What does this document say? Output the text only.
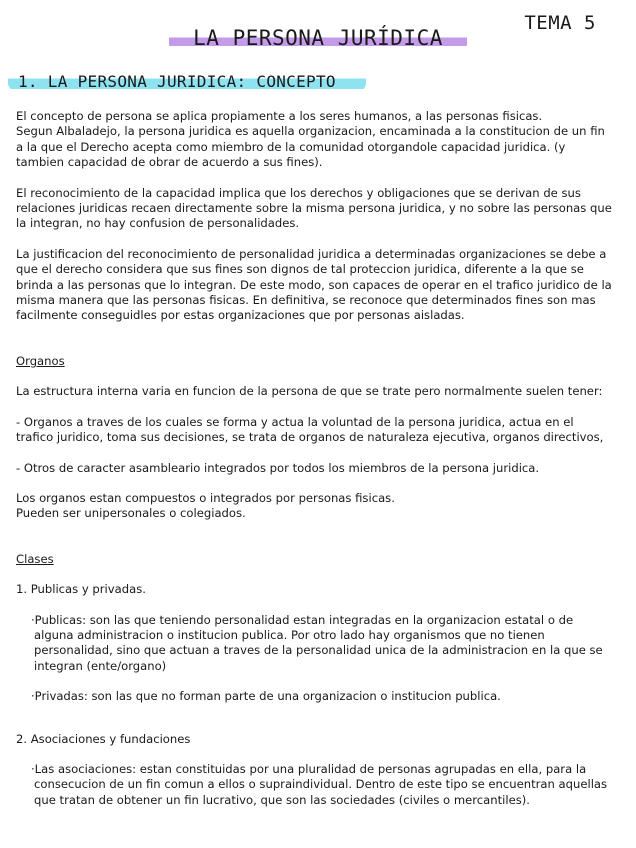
TEMA 5
LA PERSONA JURÍDICA
1. LA PERSONA JURIDICA: CONCEPTO

El concepto de persona se aplica propiamente a los seres humanos, a las personas fisicas.

Segun Albaladejo, la persona juridica es aquella organizacion, encaminada a la constitucion de un fin a la que el Derecho acepta como miembro de la comunidad otorgandole capacidad juridica. (y tambien capacidad de obrar de acuerdo a sus fines).

El reconocimiento de la capacidad implica que los derechos y obligaciones que se derivan de sus relaciones juridicas recaen directamente sobre la misma persona juridica, y no sobre las personas que la integran, no hay confusion de personalidades.

La justificacion del reconocimiento de personalidad juridica a determinadas organizaciones se debe a que el derecho considera que sus fines son dignos de tal proteccion juridica, diferente a la que se brinda a las personas que lo integran. De este modo, son capaces de operar en el trafico juridico de la misma manera que las personas fisicas. En definitiva, se reconoce que determinados fines son mas facilmente conseguidles por estas organizaciones que por personas aisladas.

Organos

La estructura interna varia en funcion de la persona de que se trate pero normalmente suelen tener:

- Organos a traves de los cuales se forma y actua la voluntad de la persona juridica, actua en el trafico juridico, toma sus decisiones, se trata de organos de naturaleza ejecutiva, organos directivos,

- Otros de caracter asambleario integrados por todos los miembros de la persona juridica.

Los organos estan compuestos o integrados por personas fisicas.

Pueden ser unipersonales o colegiados.

Clases

1. Publicas y privadas.

·Publicas: son las que teniendo personalidad estan integradas en la organizacion estatal o de alguna administracion o institucion publica. Por otro lado hay organismos que no tienen personalidad, sino que actuan a traves de la personalidad unica de la administracion en la que se integran (ente/organo)

·Privadas: son las que no forman parte de una organizacion o institucion publica.

2. Asociaciones y fundaciones

·Las asociaciones: estan constituidas por una pluralidad de personas agrupadas en ella, para la consecucion de un fin comun a ellos o supraindividual. Dentro de este tipo se encuentran aquellas que tratan de obtener un fin lucrativo, que son las sociedades (civiles o mercantiles).
